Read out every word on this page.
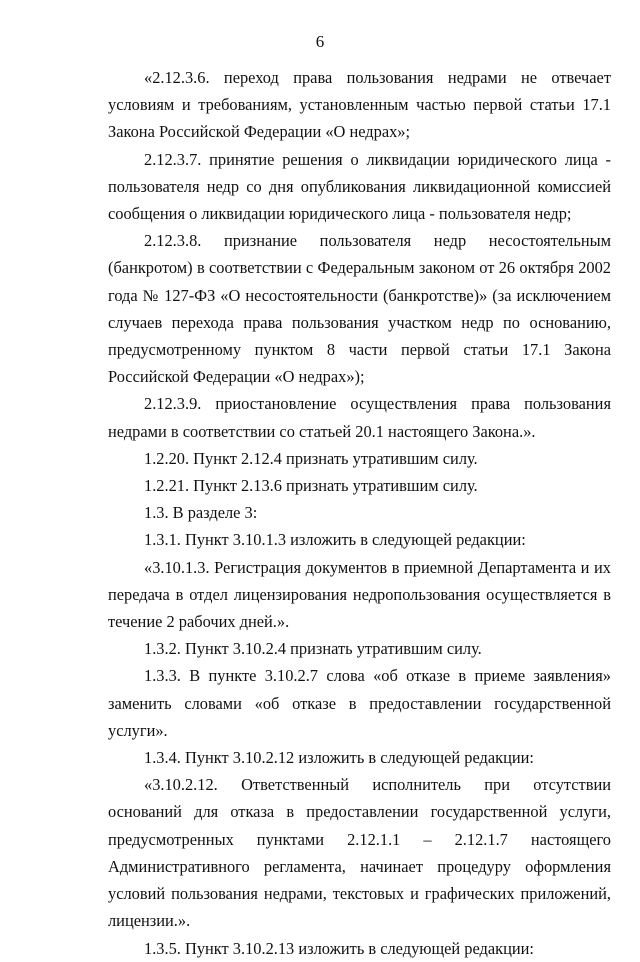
6

«2.12.3.6. переход права пользования недрами не отвечает условиям и требованиям, установленным частью первой статьи 17.1 Закона Российской Федерации «О недрах»;

2.12.3.7. принятие решения о ликвидации юридического лица - пользователя недр со дня опубликования ликвидационной комиссией сообщения о ликвидации юридического лица - пользователя недр;

2.12.3.8. признание пользователя недр несостоятельным (банкротом) в соответствии с Федеральным законом от 26 октября 2002 года № 127-ФЗ «О несостоятельности (банкротстве)» (за исключением случаев перехода права пользования участком недр по основанию, предусмотренному пунктом 8 части первой статьи 17.1 Закона Российской Федерации «О недрах»);

2.12.3.9. приостановление осуществления права пользования недрами в соответствии со статьей 20.1 настоящего Закона.».

1.2.20. Пункт 2.12.4 признать утратившим силу.

1.2.21. Пункт 2.13.6 признать утратившим силу.

1.3. В разделе 3:

1.3.1. Пункт 3.10.1.3 изложить в следующей редакции:

«3.10.1.3. Регистрация документов в приемной Департамента и их передача в отдел лицензирования недропользования осуществляется в течение 2 рабочих дней.».

1.3.2. Пункт 3.10.2.4 признать утратившим силу.

1.3.3. В пункте 3.10.2.7 слова «об отказе в приеме заявления» заменить словами «об отказе в предоставлении государственной услуги».

1.3.4. Пункт 3.10.2.12 изложить в следующей редакции:

«3.10.2.12. Ответственный исполнитель при отсутствии оснований для отказа в предоставлении государственной услуги, предусмотренных пунктами 2.12.1.1 – 2.12.1.7 настоящего Административного регламента, начинает процедуру оформления условий пользования недрами, текстовых и графических приложений, лицензии.».

1.3.5. Пункт 3.10.2.13 изложить в следующей редакции:
